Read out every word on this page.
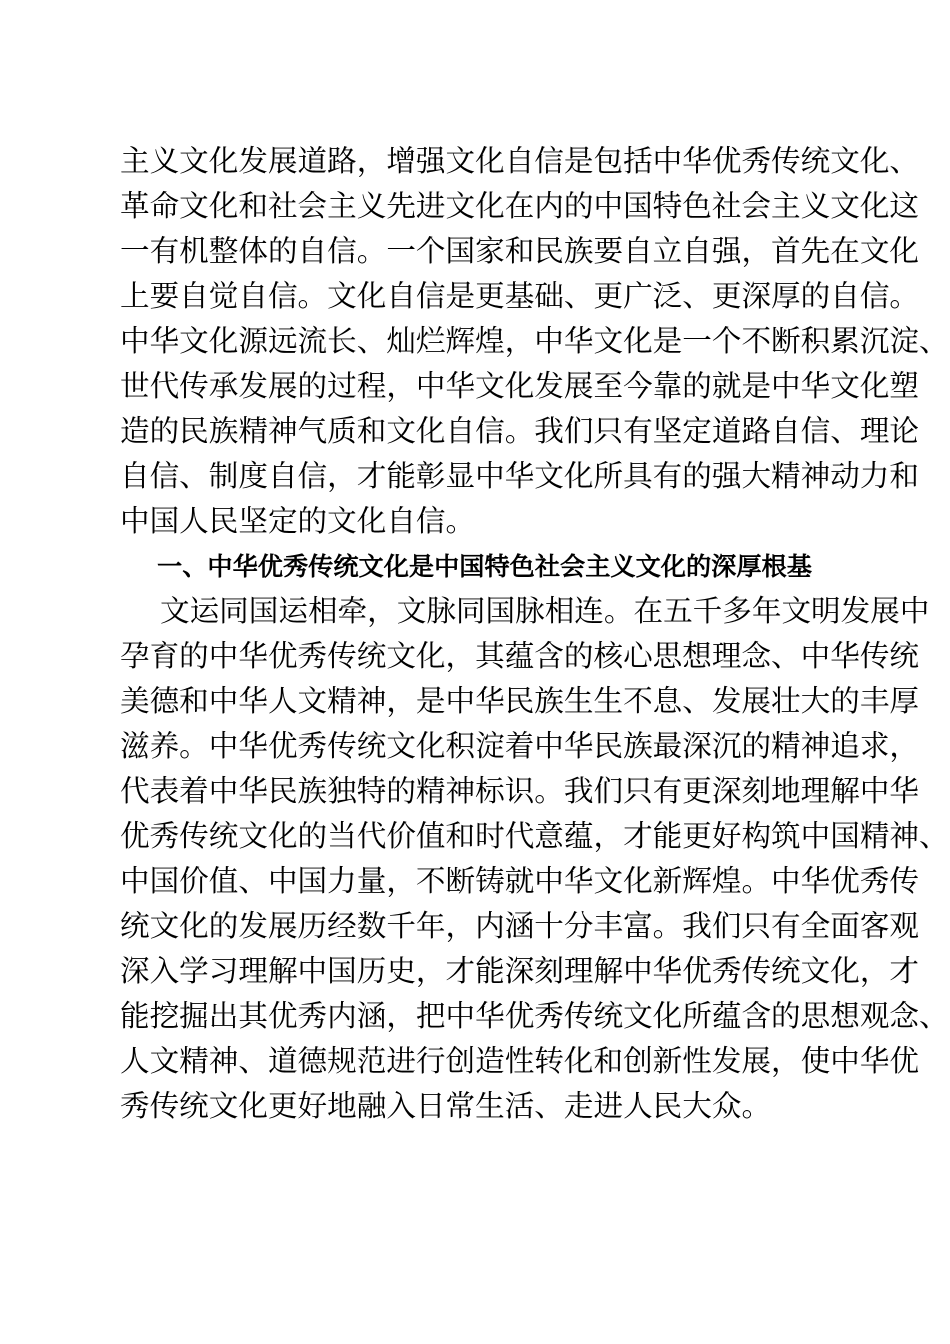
主义文化发展道路，增强文化自信是包括中华优秀传统文化、
革命文化和社会主义先进文化在内的中国特色社会主义文化这
一有机整体的自信。一个国家和民族要自立自强，首先在文化
上要自觉自信。文化自信是更基础、更广泛、更深厚的自信。
中华文化源远流长、灿烂辉煌，中华文化是一个不断积累沉淀、
世代传承发展的过程，中华文化发展至今靠的就是中华文化塑
造的民族精神气质和文化自信。我们只有坚定道路自信、理论
自信、制度自信，才能彰显中华文化所具有的强大精神动力和
中国人民坚定的文化自信。
一、中华优秀传统文化是中国特色社会主义文化的深厚根基
文运同国运相牵，文脉同国脉相连。在五千多年文明发展中
孕育的中华优秀传统文化，其蕴含的核心思想理念、中华传统
美德和中华人文精神，是中华民族生生不息、发展壮大的丰厚
滋养。中华优秀传统文化积淀着中华民族最深沉的精神追求，
代表着中华民族独特的精神标识。我们只有更深刻地理解中华
优秀传统文化的当代价值和时代意蕴，才能更好构筑中国精神、
中国价值、中国力量，不断铸就中华文化新辉煌。中华优秀传
统文化的发展历经数千年，内涵十分丰富。我们只有全面客观
深入学习理解中国历史，才能深刻理解中华优秀传统文化，才
能挖掘出其优秀内涵，把中华优秀传统文化所蕴含的思想观念、
人文精神、道德规范进行创造性转化和创新性发展，使中华优
秀传统文化更好地融入日常生活、走进人民大众。
